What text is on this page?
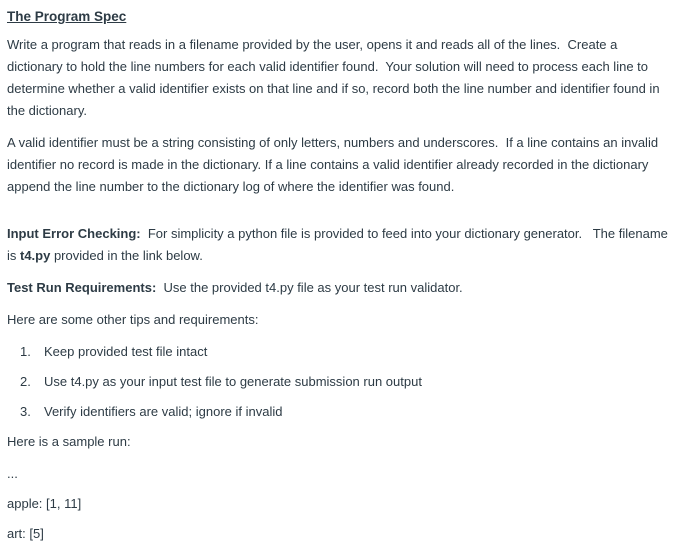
The Program Spec

Write a program that reads in a filename provided by the user, opens it and reads all of the lines.  Create a dictionary to hold the line numbers for each valid identifier found.  Your solution will need to process each line to determine whether a valid identifier exists on that line and if so, record both the line number and identifier found in the dictionary.

A valid identifier must be a string consisting of only letters, numbers and underscores.  If a line contains an invalid identifier no record is made in the dictionary. If a line contains a valid identifier already recorded in the dictionary append the line number to the dictionary log of where the identifier was found.

Input Error Checking:  For simplicity a python file is provided to feed into your dictionary generator.   The filename is t4.py provided in the link below.

Test Run Requirements:  Use the provided t4.py file as your test run validator.

Here are some other tips and requirements:

1.	Keep provided test file intact
2.	Use t4.py as your input test file to generate submission run output
3.	Verify identifiers are valid; ignore if invalid

Here is a sample run:

...

apple: [1, 11]

art: [5]
